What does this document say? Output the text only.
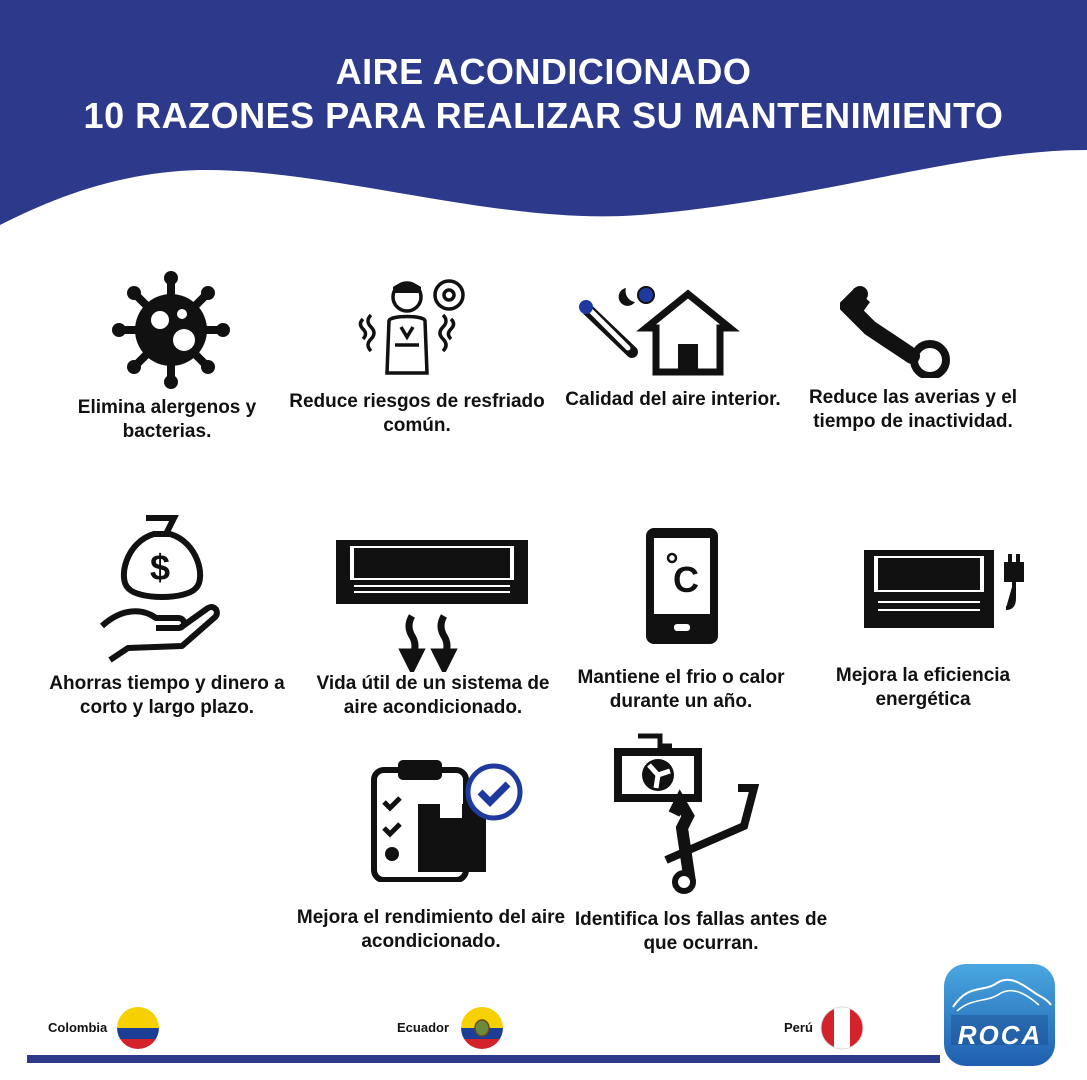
AIRE ACONDICIONADO
10 RAZONES PARA REALIZAR SU MANTENIMIENTO
Elimina alergenos y bacterias.
Reduce riesgos de resfriado común.
Calidad del aire interior.	Reduce las averias y el tiempo de inactividad.
$
Ahorras tiempo y dinero a corto y largo plazo.
Vida útil de un sistema de aire acondicionado.
C
Mantiene el frio o calor durante un año.
Mejora la eficiencia energética
Mejora el rendimiento del aire acondicionado.
Identifica los fallas antes de que ocurran.
Colombia	Ecuador	Perú	ROCA
